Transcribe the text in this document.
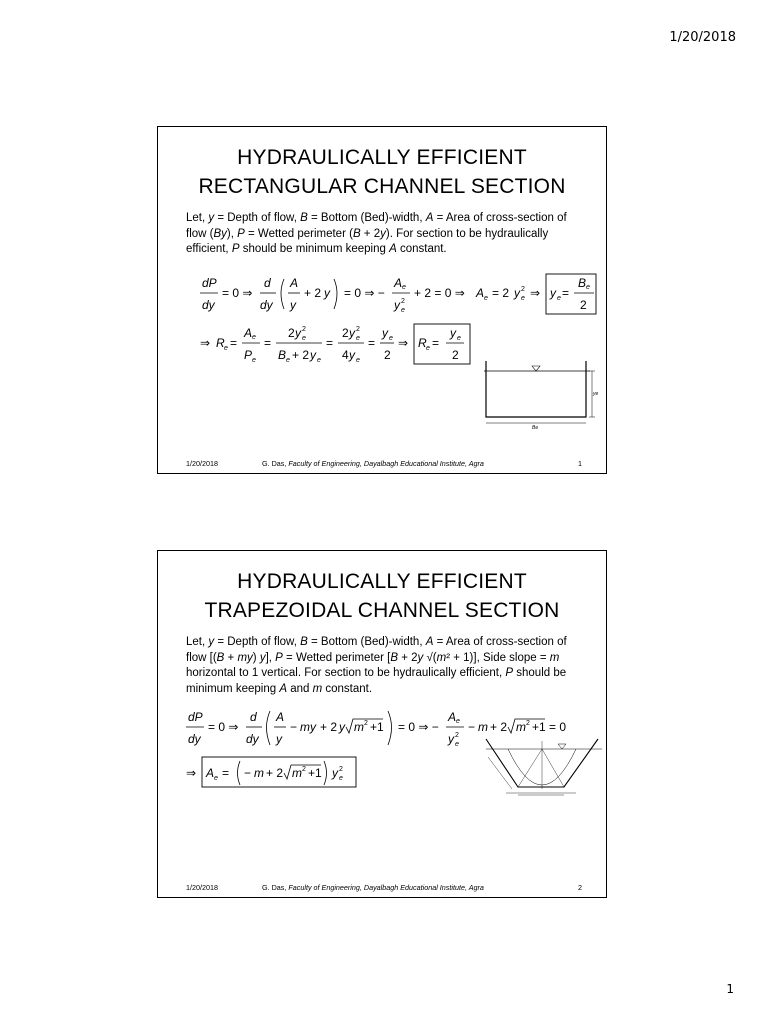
1/20/2018
HYDRAULICALLY EFFICIENT
RECTANGULAR CHANNEL SECTION
Let, y = Depth of flow, B = Bottom (Bed)-width, A = Area of cross-section of flow (By), P = Wetted perimeter (B + 2y). For section to be hydraulically efficient, P should be minimum keeping A constant.
dP
dy
= 0 ⇒
d
dy
A
y
+ 2 y = 0 ⇒ −
A e
y 2
e
+ 2 = 0 ⇒ A e = 2 y 2
e ⇒ y e =
B e
2
⇒ R e =
A e
P e
=
2 y 2
e
B e + 2 y e
=
2 y 2
e
4 y e
=
y e
2
⇒ R e =
y e
2
ye
Be
1/20/2018	G. Das, Faculty of Engineering, Dayalbagh Educational Institute, Agra	1
HYDRAULICALLY EFFICIENT
TRAPEZOIDAL CHANNEL SECTION
Let, y = Depth of flow, B = Bottom (Bed)-width, A = Area of cross-section of flow [(B + my) y], P = Wetted perimeter [B + 2y √(m² + 1)], Side slope = m horizontal to 1 vertical. For section to be hydraulically efficient, P should be minimum keeping A and m constant.
dP
dy
= 0 ⇒
d
dy
A
y
− my + 2 y m 2 +1 = 0 ⇒ −
A e
y 2
e
− m + 2 m 2 +1 = 0
⇒ A e = − m + 2 m 2 +1 y 2
e
1/20/2018	G. Das, Faculty of Engineering, Dayalbagh Educational Institute, Agra	2
1
